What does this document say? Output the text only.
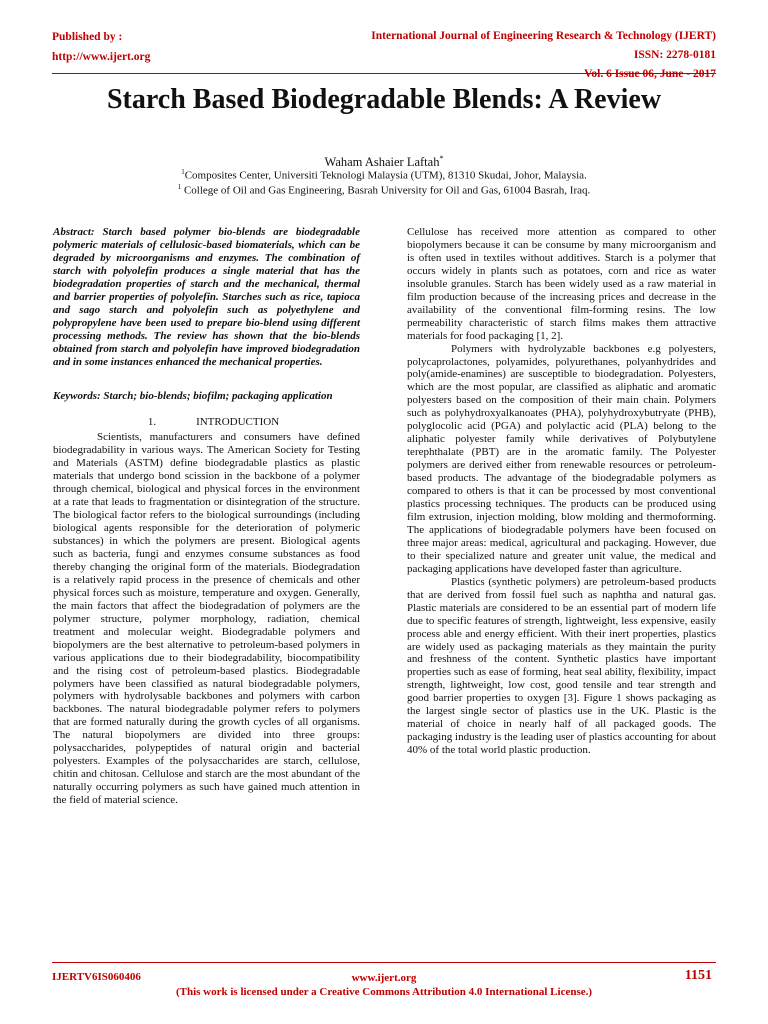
Published by :
http://www.ijert.org
International Journal of Engineering Research & Technology (IJERT)
ISSN: 2278-0181
Vol. 6 Issue 06, June - 2017
Starch Based Biodegradable Blends: A Review
Waham Ashaier Laftah*
$^1$Composites Center, Universiti Teknologi Malaysia (UTM), 81310 Skudai, Johor, Malaysia.
$^1$ College of Oil and Gas Engineering, Basrah University for Oil and Gas, 61004 Basrah, Iraq.

Abstract: Starch based polymer bio-blends are biodegradable polymeric materials of cellulosic-based biomaterials, which can be degraded by microorganisms and enzymes. The combination of starch with polyolefin produces a single material that has the biodegradation properties of starch and the mechanical, thermal and barrier properties of polyolefin. Starches such as rice, tapioca and sago starch and polyolefin such as polyethylene and polypropylene have been used to prepare bio-blend using different processing methods. The review has shown that the bio-blends obtained from starch and polyolefin have improved biodegradation and in some instances enhanced the mechanical properties.

Keywords: Starch; bio-blends; biofilm; packaging application

1.	INTRODUCTION

Scientists, manufacturers and consumers have defined biodegradability in various ways. The American Society for Testing and Materials (ASTM) define biodegradable plastics as plastic materials that undergo bond scission in the backbone of a polymer through chemical, biological and physical forces in the environment at a rate that leads to fragmentation or disintegration of the structure. The biological factor refers to the biological surroundings (including biological agents responsible for the deterioration of polymeric substances) in which the polymers are present. Biological agents such as bacteria, fungi and enzymes consume substances as food thereby changing the original form of the materials. Biodegradation is a relatively rapid process in the presence of chemicals and other physical forces such as moisture, temperature and oxygen. Generally, the main factors that affect the biodegradation of polymers are the polymer structure, polymer morphology, radiation, chemical treatment and molecular weight. Biodegradable polymers and biopolymers are the best alternative to petroleum-based polymers in various applications due to their biodegradability, biocompatibility and the rising cost of petroleum-based plastics. Biodegradable polymers have been classified as natural biodegradable polymers, polymers with hydrolysable backbones and polymers with carbon backbones. The natural biodegradable polymer refers to polymers that are formed naturally during the growth cycles of all organisms. The natural biopolymers are divided into three groups: polysaccharides, polypeptides of natural origin and bacterial polyesters. Examples of the polysaccharides are starch, cellulose, chitin and chitosan. Cellulose and starch are the most abundant of the naturally occurring polymers as such have gained much attention in the field of material science.

Cellulose has received more attention as compared to other biopolymers because it can be consume by many microorganism and is often used in textiles without additives. Starch is a polymer that occurs widely in plants such as potatoes, corn and rice as water insoluble granules. Starch has been widely used as a raw material in film production because of the increasing prices and decrease in the availability of the conventional film-forming resins. The low permeability characteristic of starch films makes them attractive materials for food packaging [1, 2].

Polymers with hydrolyzable backbones e.g polyesters, polycaprolactones, polyamides, polyurethanes, polyanhydrides and poly(amide-enamines) are susceptible to biodegradation. Polyesters, which are the most popular, are classified as aliphatic and aromatic polyesters based on the composition of their main chain. Polymers such as polyhydroxyalkanoates (PHA), polyhydroxybutryate (PHB), polyglocolic acid (PGA) and polylactic acid (PLA) belong to the aliphatic polyester family while derivatives of Polybutylene terephthalate (PBT) are in the aromatic family. The Polyester polymers are derived either from renewable resources or petroleum-based products. The advantage of the biodegradable polymers as compared to others is that it can be processed by most conventional plastics processing techniques. The products can be produced using film extrusion, injection molding, blow molding and thermoforming. The applications of biodegradable polymers have been focused on three major areas: medical, agricultural and packaging. However, due to their specialized nature and greater unit value, the medical and packaging applications have developed faster than agriculture.

Plastics (synthetic polymers) are petroleum-based products that are derived from fossil fuel such as naphtha and natural gas. Plastic materials are considered to be an essential part of modern life due to specific features of strength, lightweight, less expensive, easily process able and energy efficient. With their inert properties, plastics are widely used as packaging materials as they maintain the purity and freshness of the content. Synthetic plastics have important properties such as ease of forming, heat seal ability, flexibility, impact strength, lightweight, low cost, good tensile and tear strength and good barrier properties to oxygen [3]. Figure 1 shows packaging as the largest single sector of plastics use in the UK. Plastic is the material of choice in nearly half of all packaged goods. The packaging industry is the leading user of plastics accounting for about 40% of the total world plastic production.

IJERTV6IS060406	www.ijert.org
(This work is licensed under a Creative Commons Attribution 4.0 International License.)
1151
